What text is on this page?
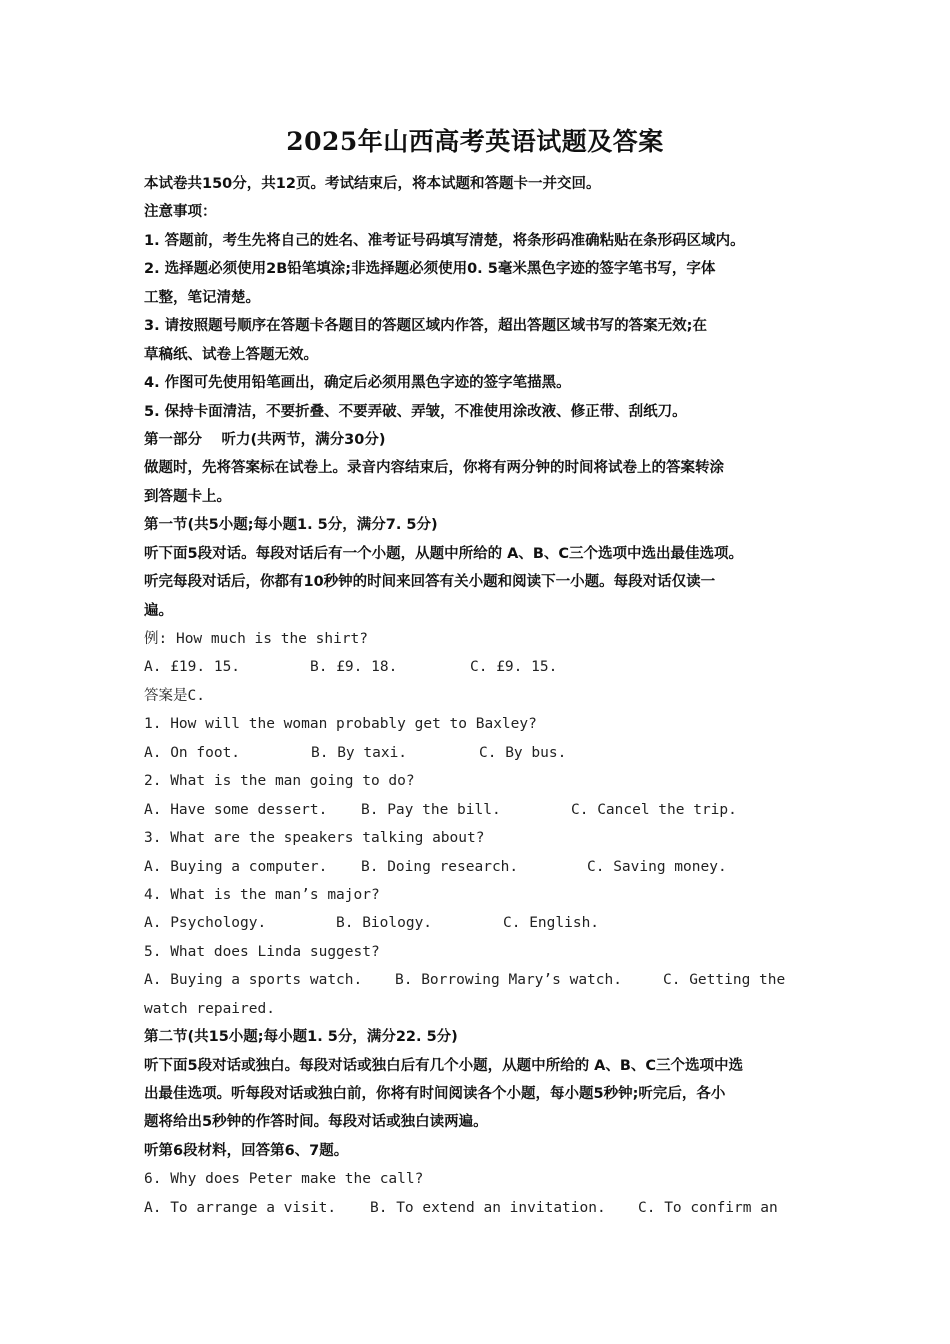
2025年山西高考英语试题及答案
本试卷共150分，共12页。考试结束后，将本试题和答题卡一并交回。
注意事项：
1. 答题前，考生先将自己的姓名、准考证号码填写清楚，将条形码准确粘贴在条形码区域内。
2. 选择题必须使用2B铅笔填涂;非选择题必须使用0. 5毫米黑色字迹的签字笔书写，字体
工整，笔记清楚。
3. 请按照题号顺序在答题卡各题目的答题区域内作答，超出答题区域书写的答案无效;在
草稿纸、试卷上答题无效。
4. 作图可先使用铅笔画出，确定后必须用黑色字迹的签字笔描黑。
5. 保持卡面清洁，不要折叠、不要弄破、弄皱，不准使用涂改液、修正带、刮纸刀。
第一部分　 听力(共两节，满分30分)
做题时，先将答案标在试卷上。录音内容结束后，你将有两分钟的时间将试卷上的答案转涂
到答题卡上。
第一节(共5小题;每小题1. 5分，满分7. 5分)
听下面5段对话。每段对话后有一个小题，从题中所给的 A、B、C三个选项中选出最佳选项。
听完每段对话后，你都有10秒钟的时间来回答有关小题和阅读下一小题。每段对话仅读一
遍。
例: How much is the shirt?
A. £19. 15.	B. £9. 18.	C. £9. 15.
答案是C.
1. How will the woman probably get to Baxley?
A. On foot.	B. By taxi.	C. By bus.
2. What is the man going to do?
A. Have some dessert.	B. Pay the bill.	C. Cancel the trip.
3. What are the speakers talking about?
A. Buying a computer.	B. Doing research.	C. Saving money.
4. What is the man’s major?
A. Psychology.	B. Biology.	C. English.
5. What does Linda suggest?
A. Buying a sports watch.	B. Borrowing Mary’s watch.	C. Getting the
watch repaired.
第二节(共15小题;每小题1. 5分，满分22. 5分)
听下面5段对话或独白。每段对话或独白后有几个小题，从题中所给的 A、B、C三个选项中选
出最佳选项。听每段对话或独白前，你将有时间阅读各个小题，每小题5秒钟;听完后，各小
题将给出5秒钟的作答时间。每段对话或独白读两遍。
听第6段材料，回答第6、7题。
6. Why does Peter make the call?
A. To arrange a visit.	B. To extend an invitation.	C. To confirm an
